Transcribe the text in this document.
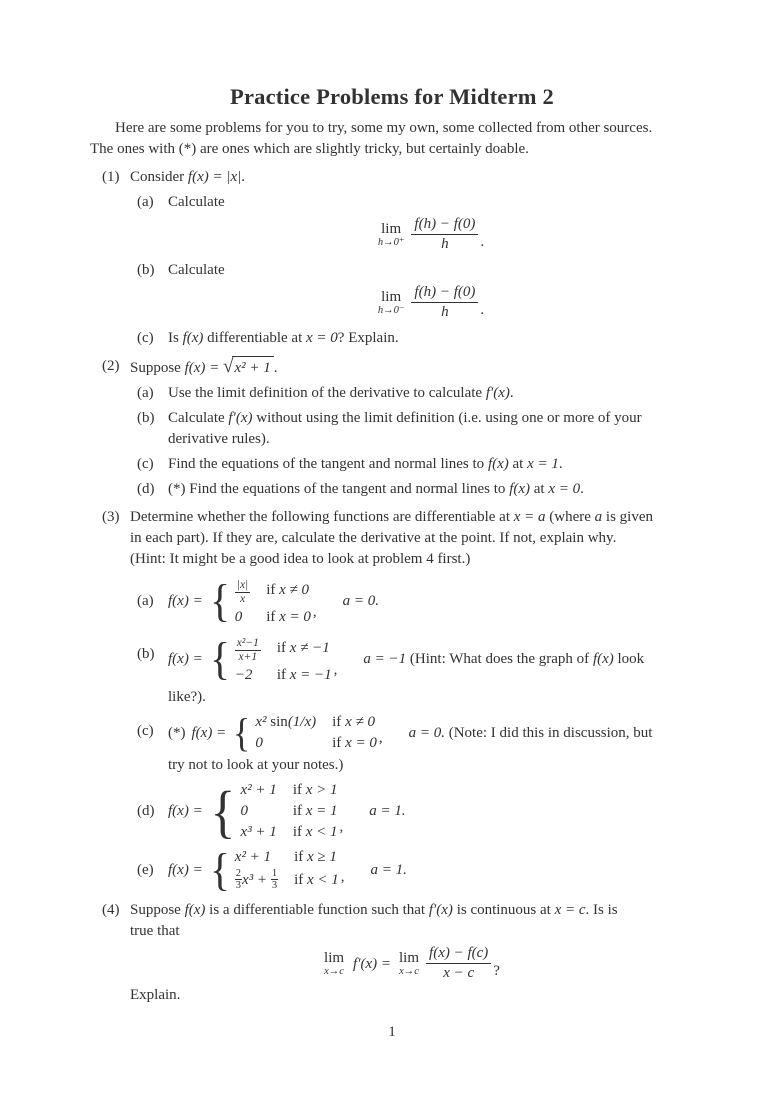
Practice Problems for Midterm 2
Here are some problems for you to try, some my own, some collected from other sources.
The ones with (*) are ones which are slightly tricky, but certainly doable.
(1) Consider f(x) = |x|.
(a) Calculate
lim
$h\to 0^+ \frac{f(h) - f(0)}{h}$ .
(b) Calculate
lim
$h\to 0^- \frac{f(h) - f(0)}{h}$ .
(c) Is f(x) differentiable at x = 0? Explain.
(2) Suppose f(x) = √ x² + 1 .
(a) Use the limit definition of the derivative to calculate f′(x).
(b) Calculate f′(x) without using the limit definition (i.e. using one or more of your
derivative rules).
(c) Find the equations of the tangent and normal lines to f(x) at x = 1.
(d) (*) Find the equations of the tangent and normal lines to f(x) at x = 0.
(3) Determine whether the following functions are differentiable at x = a (where a is given
in each part). If they are, calculate the derivative at the point. If not, explain why.
(Hint: It might be a good idea to look at problem 4 first.)
(a) f(x) = { $\frac{|x|}{x}$	if x ≠ 0
0	if x = 0 ,
a = 0.
(b) f(x) = { $\frac{\text{x²−1}}{x+1}$	if x ≠ −1
−2	if x = −1 ,
a = −1 (Hint: What does the graph of f(x) look
like?).
(c) (*) f(x) = { x² sin(1/x)	if x ≠ 0
0	if x = 0 , a = 0. (Note: I did this in discussion, but
try not to look at your notes.)
(d) f(x) = { x² + 1	if x > 1
0	if x = 1
x³ + 1	if x < 1 ,
a = 1.
(e) f(x) = { x² + 1	if x ≥ 1

$\frac{2}{3} x^3 + \frac{1}{3}$	if x < 1 , a = 1.
(4) Suppose f(x) is a differentiable function such that f′(x) is continuous at x = c. Is is
true that
lim
x→c f′(x) = lim
$x\to c \frac{f(x) - f(c)}{x - c}$ ?
Explain.
1
